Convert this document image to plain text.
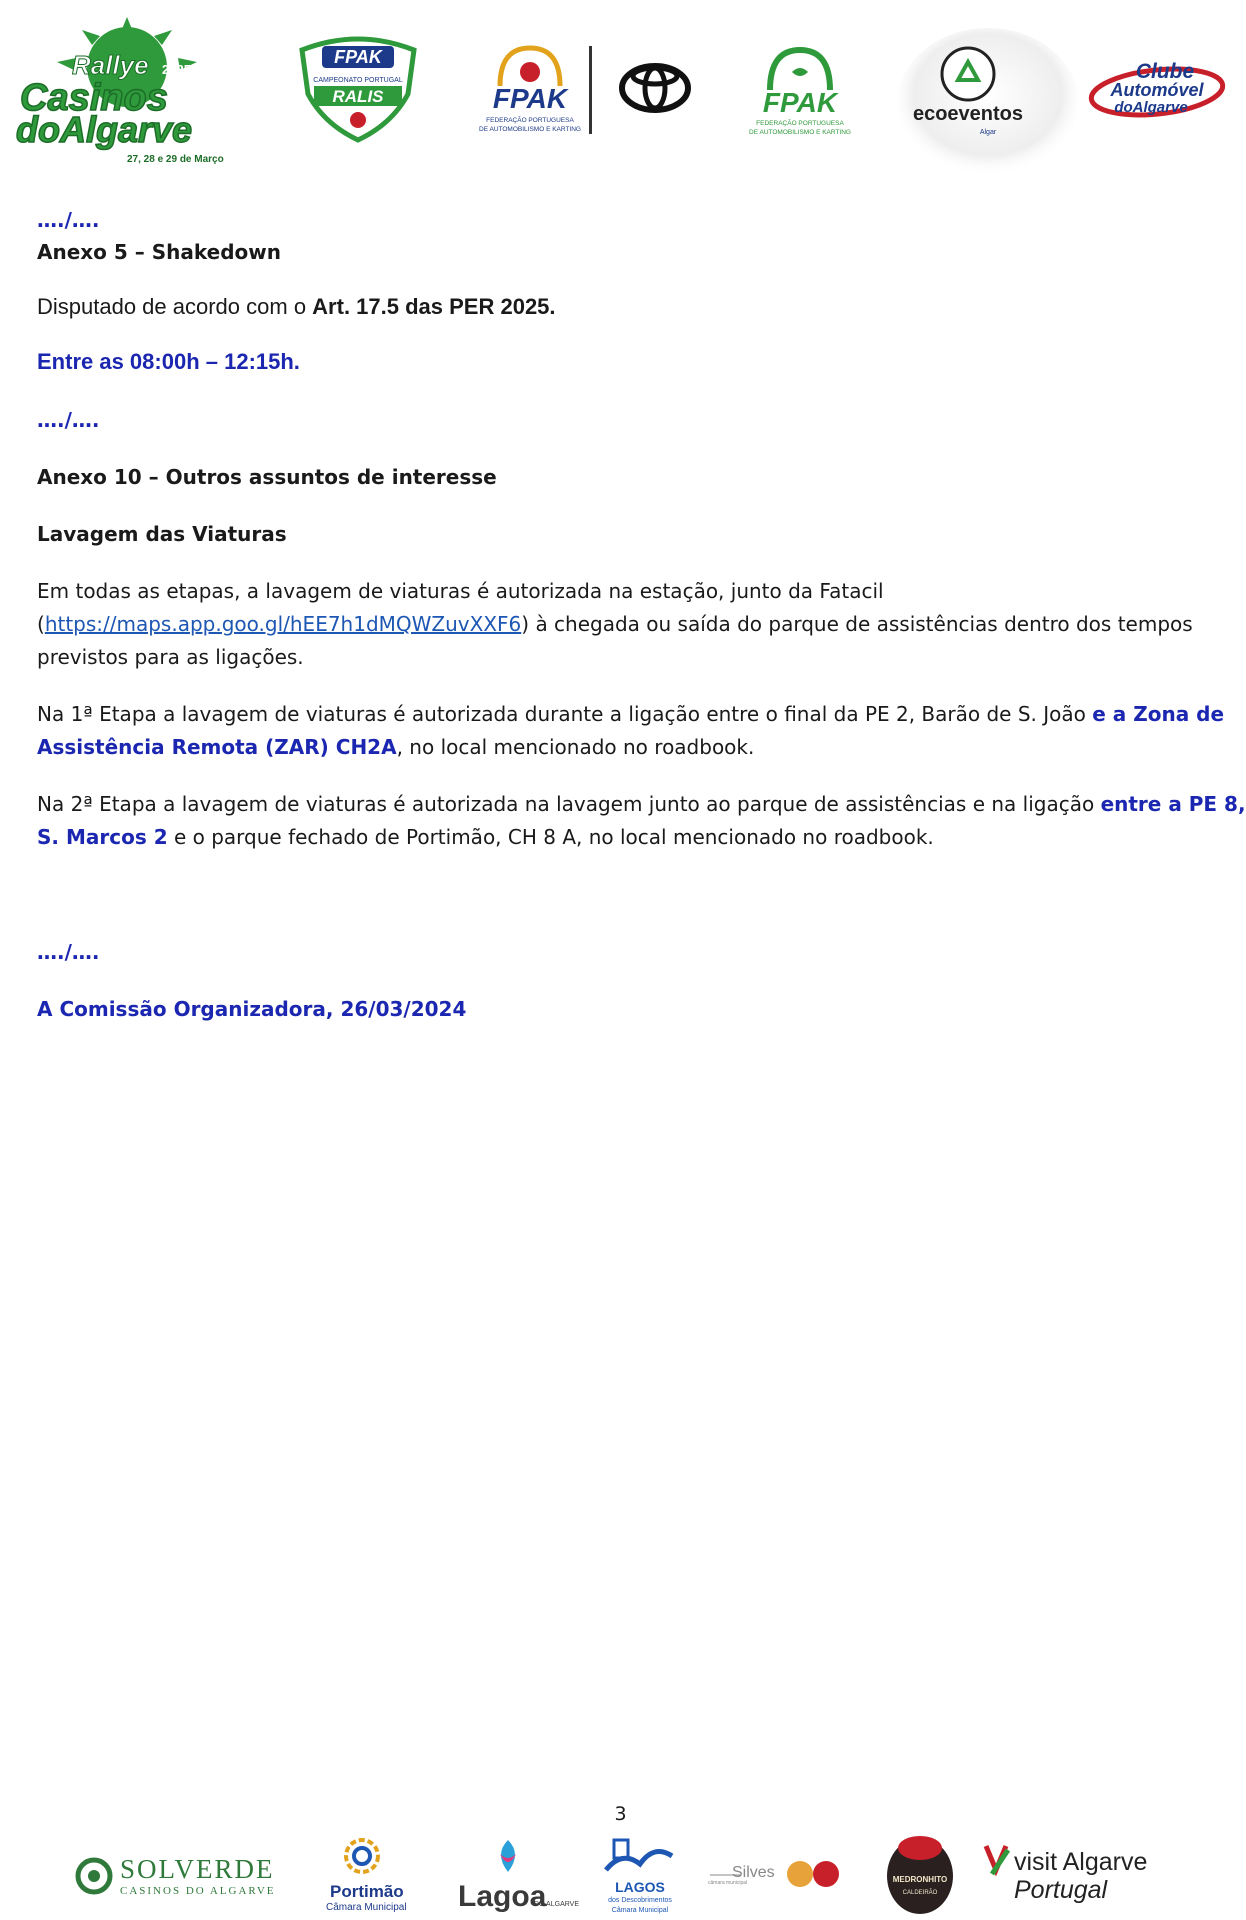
Rallye 2025
Casinos
doAlgarve
27, 28 e 29 de Março
FPAK
CAMPEONATO PORTUGAL
RALIS	FPAK
FEDERAÇÃO PORTUGUESA
DE AUTOMOBILISMO E KARTING
FPAK
FEDERAÇÃO PORTUGUESA
DE AUTOMOBILISMO E KARTING
ecoeventos
Algar
Clube
Automóvel
doAlgarve

…./….

Anexo 5 – Shakedown

Disputado de acordo com o Art. 17.5 das PER 2025.

Entre as 08:00h – 12:15h.

…./….

Anexo 10 – Outros assuntos de interesse

Lavagem das Viaturas

Em todas as etapas, a lavagem de viaturas é autorizada na estação, junto da Fatacil

(https://maps.app.goo.gl/hEE7h1dMQWZuvXXF6) à chegada ou saída do parque de assistências dentro dos tempos

previstos para as ligações.

Na 1ª Etapa a lavagem de viaturas é autorizada durante a ligação entre o final da PE 2, Barão de S. João e a Zona de

Assistência Remota (ZAR) CH2A, no local mencionado no roadbook.

Na 2ª Etapa a lavagem de viaturas é autorizada na lavagem junto ao parque de assistências e na ligação entre a PE 8,

S. Marcos 2 e o parque fechado de Portimão, CH 8 A, no local mencionado no roadbook.

…./….

A Comissão Organizadora, 26/03/2024

3
SOLVERDE
CASINOS DO ALGARVE	Portimão
Câmara Municipal Lagoa
DO ALGARVE
LAGOS
dos Descobrimentos
Câmara Municipal
Silves
câmara municipal	MEDRONHITO
CALDEIRÃO
visit Algarve
Portugal
